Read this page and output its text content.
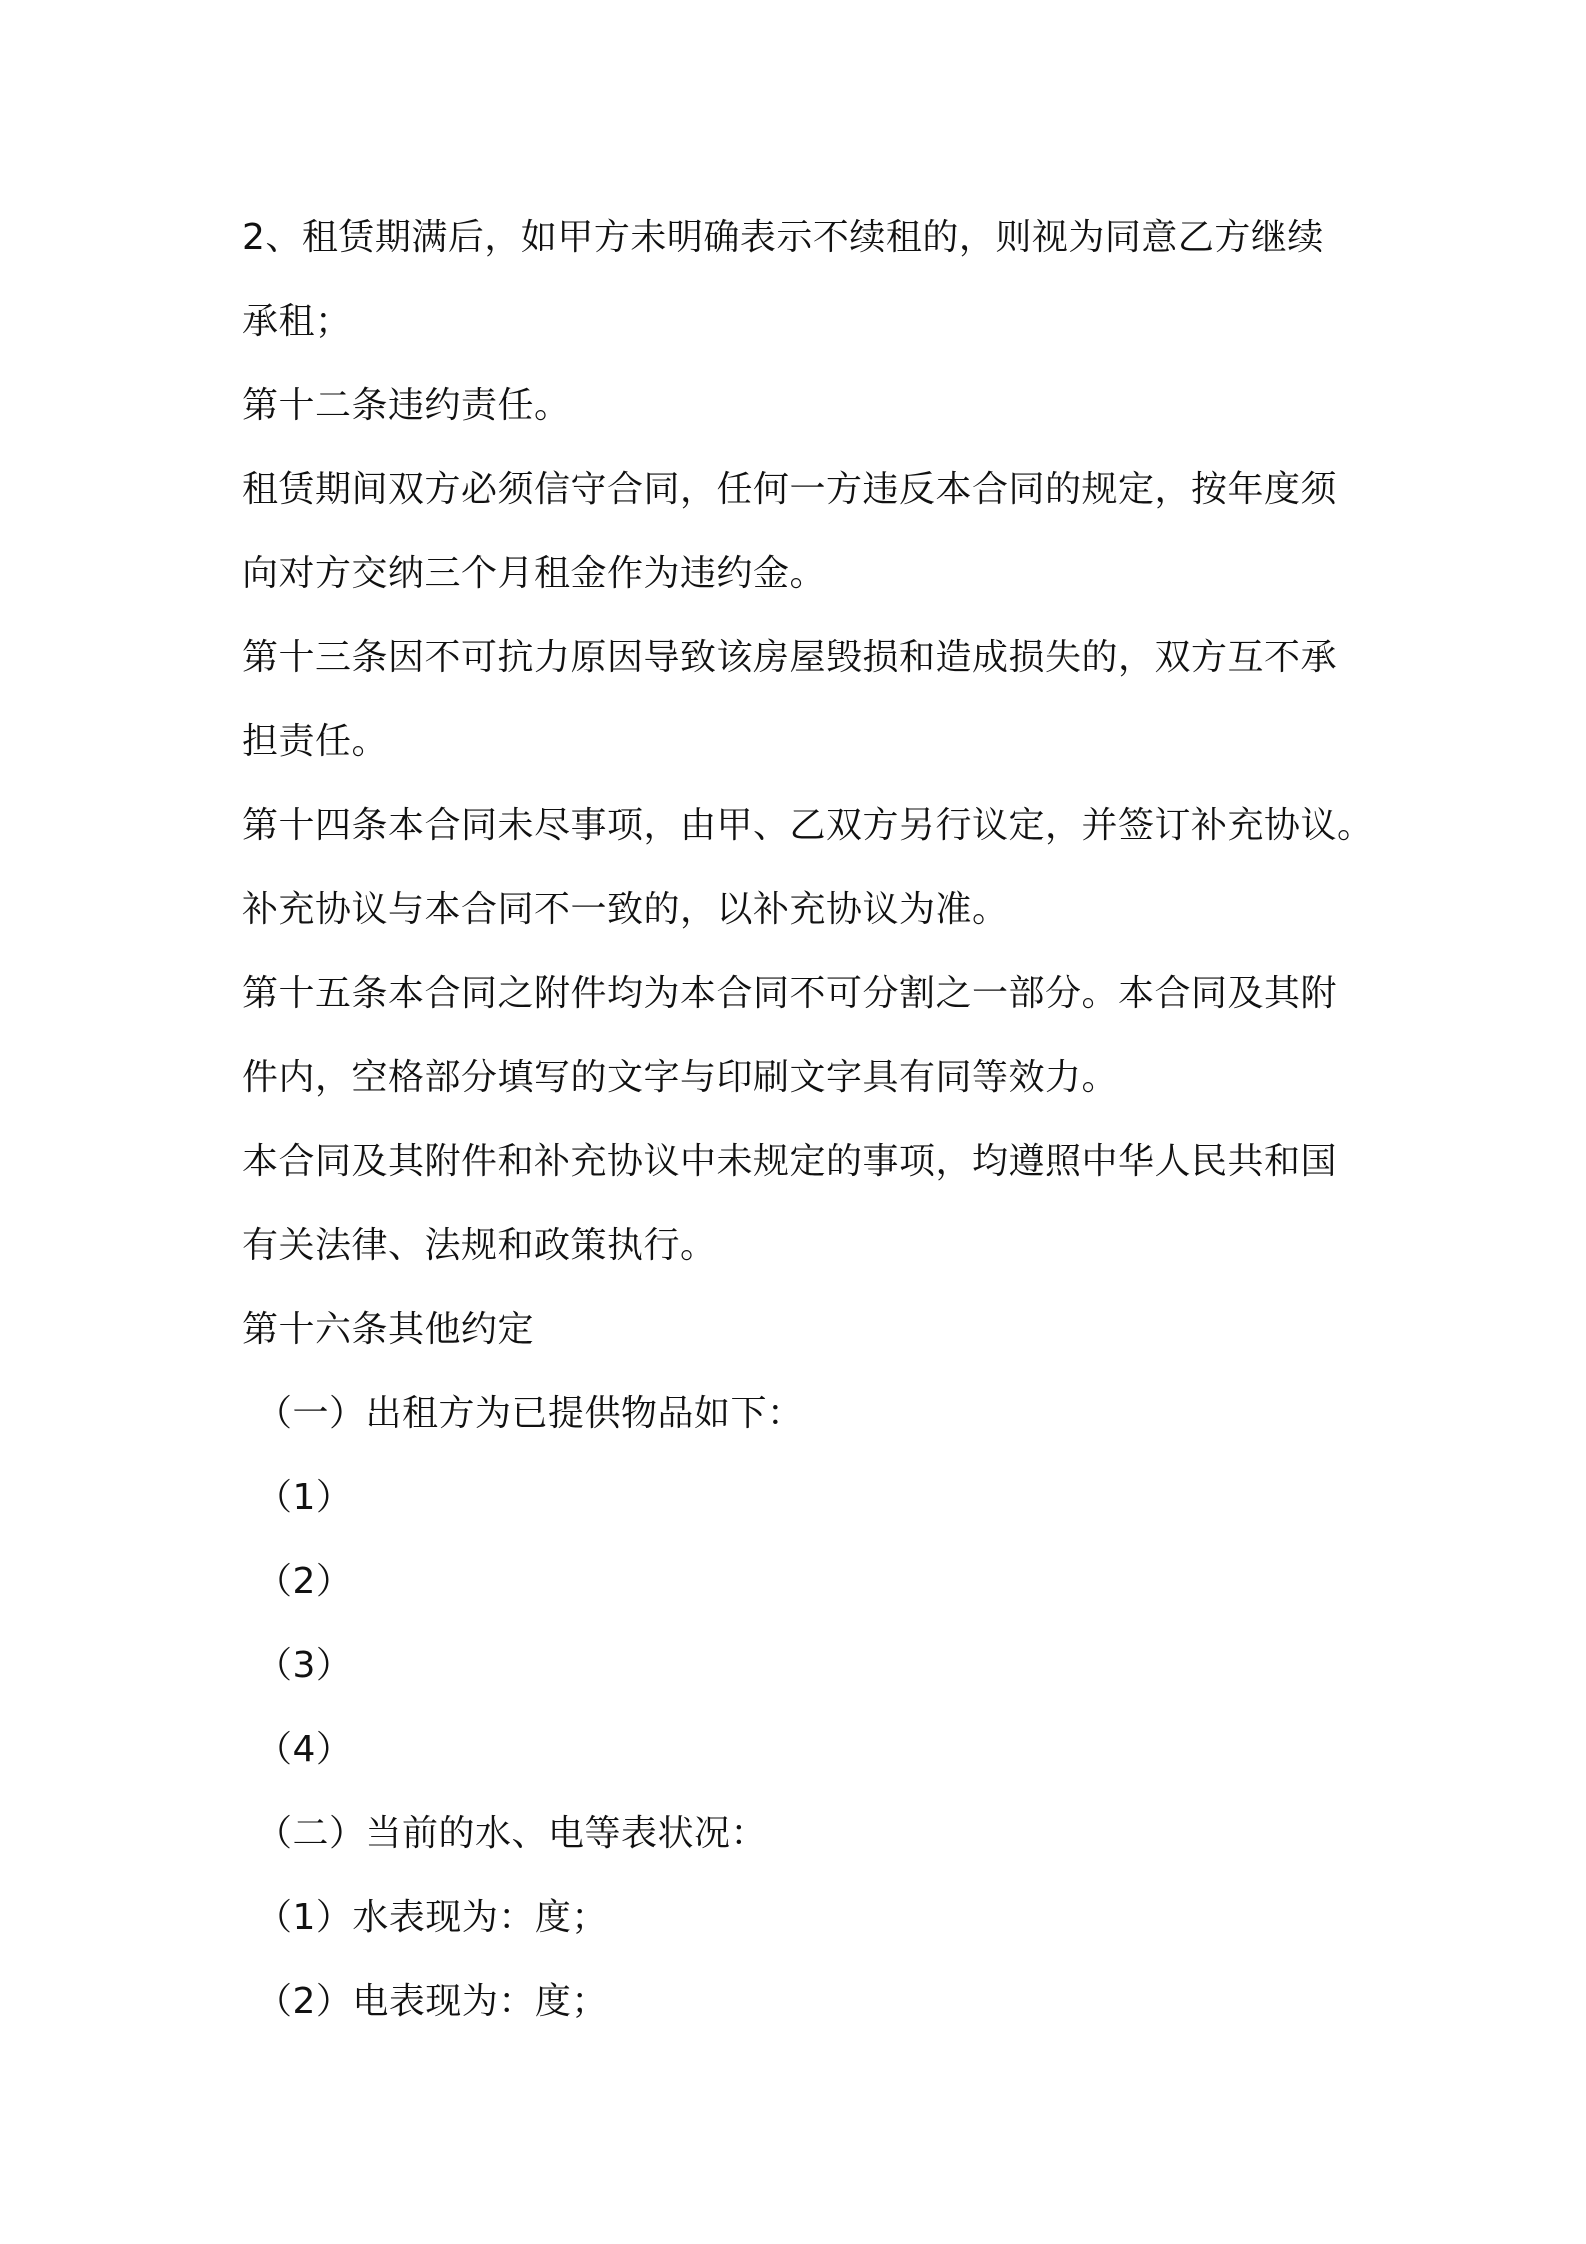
2、租赁期满后，如甲方未明确表示不续租的，则视为同意乙方继续
承租；
第十二条违约责任。
租赁期间双方必须信守合同，任何一方违反本合同的规定，按年度须
向对方交纳三个月租金作为违约金。
第十三条因不可抗力原因导致该房屋毁损和造成损失的，双方互不承
担责任。
第十四条本合同未尽事项，由甲、乙双方另行议定，并签订补充协议。
补充协议与本合同不一致的，以补充协议为准。
第十五条本合同之附件均为本合同不可分割之一部分。本合同及其附
件内，空格部分填写的文字与印刷文字具有同等效力。
本合同及其附件和补充协议中未规定的事项，均遵照中华人民共和国
有关法律、法规和政策执行。
第十六条其他约定
（一）出租方为已提供物品如下：
（1）
（2）
（3）
（4）
（二）当前的水、电等表状况：
（1）水表现为：度；
（2）电表现为：度；
